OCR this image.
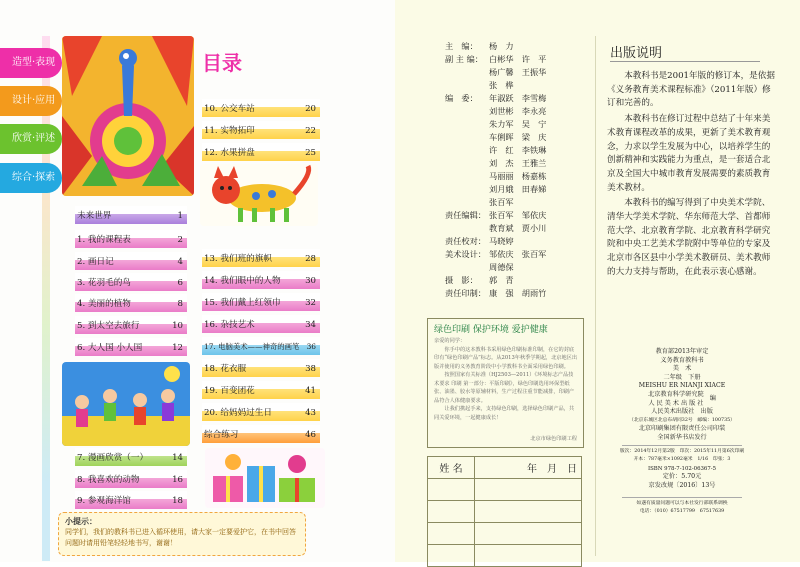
造型·表现
设计·应用
欣赏·评述
综合·探索
目录
10. 公交车站	20
11. 实物拓印	22
12. 水果拼盘	25
未来世界	1
1. 我的课程表	2
2. 画日记	4
3. 花羽毛的鸟	6
4. 美丽的植物	8
5. 到太空去旅行	10
6. 大人国 小人国	12
13. 我们班的旗帜	28
14. 我们眼中的人物	30
15. 我们戴上红领巾	32
16. 杂技艺术	34
17. 电脑美术——神奇的画笔 36
18. 花衣服	38
19. 百变团花	41
20. 给妈妈过生日	43
综合练习	46
7. 漫画欣赏（一）	14
8. 我喜欢的动物	16
9. 参观海洋馆	18
小提示：
同学们，我们的教科书已进入循环使用，请大家一定要爱护它，在书中回答问题时请用铅笔轻轻地书写，谢谢！
主　编：	杨　力
副 主 编： 白彬华　许　平
杨广馨　王振华
张　桦
编　委：	年淑跃　李雪梅
刘世彬　李永亮
朱力军　吴　宁
车俐晖　梁　庆
许　红　李铁琳
刘　杰　王雅兰
马丽丽　杨嘉栋
刘月娥　田春娣
张百军
责任编辑： 张百军　邹依庆
教育斌　贾小川
责任校对： 马晓婷
美术设计： 邹依庆　张百军
周德保
摄　影：	郭　青
责任印制： 康　强　胡雨竹
绿色印刷 保护环境 爱护健康
亲爱的同学：
　　你手中的这本教科书采用绿色印刷标准印制，在它的封底印有“绿色印刷产品”标志。从2013年秋季学期起，北京地区出版并使用的义务教育阶段中小学教科书全面采用绿色印刷。
　　按照国家有关标准（HJ2503—2011）《环境标志产品技术要求 印刷 第一部分：平版印刷》，绿色印刷选用环保型纸张、油墨、胶水等原辅材料，生产过程注重节能减排，印刷产品符合人体健康要求。
　　让我们携起手来，支持绿色印刷，选择绿色印刷产品，共同关爱环境，一起健康成长！
北京市绿色印刷工程
姓 名	年 月 日

出版说明

本教科书是2001年版的修订本，是依据《义务教育美术课程标准》（2011年版）修订和完善的。

本教科书在修订过程中总结了十年来美术教育课程改革的成果，更新了美术教育观念，力求以学生发展为中心，以培养学生的创新精神和实践能力为重点，是一套适合北京及全国大中城市教育发展需要的素质教育美术教材。

本教科书的编写得到了中央美术学院、清华大学美术学院、华东师范大学、首都师范大学、北京教育学院、北京教育科学研究院和中央工艺美术学院附中等单位的专家及北京市各区县中小学美术教研员、美术教师的大力支持与帮助，在此表示衷心感谢。

教育部2013年审定
义务教育教科书
美　术
二年级　下册
MEISHU ER NIANJI XIACE
北京教育科学研究院
人 民 美 术 出 版 社
编
人民美术出版社　出版
（北京东城区北总布胡同32号　邮编：100735）
北京印刷集团有限责任公司印装
全国新华书店发行
版次：2014年12月第2版　印次：2015年11月第6次印刷
开本：787毫米×1092毫米　1/16　印张：3
ISBN 978-7-102-06367-5
定价：5.70元
京发改规〔2016〕13号
如遇有质量问题可以与本社发行部联系调换
电话：（010）67517799　67517639
